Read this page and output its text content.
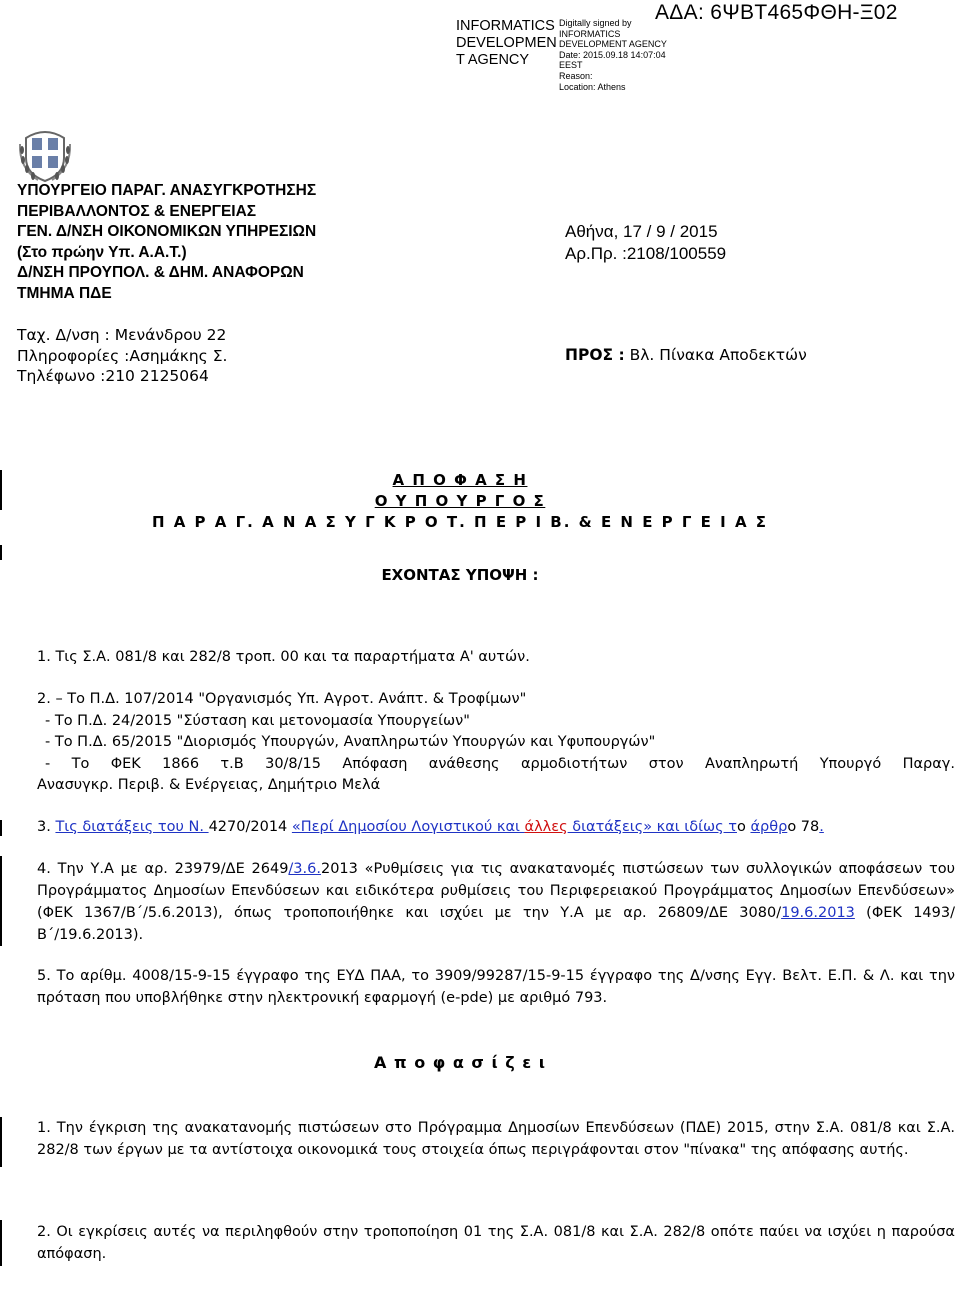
INFORMATICS
DEVELOPMEN
T AGENCY
Digitally signed by
INFORMATICS
DEVELOPMENT AGENCY
Date: 2015.09.18 14:07:04
EEST
Reason:
Location: Athens
ΑΔΑ: 6ΨΒΤ465ΦΘΗ-Ξ02
ΥΠΟΥΡΓΕΙΟ ΠΑΡΑΓ. ΑΝΑΣΥΓΚΡΟΤΗΣΗΣ
ΠΕΡΙΒΑΛΛΟΝΤΟΣ & ΕΝΕΡΓΕΙΑΣ
ΓΕΝ. Δ/ΝΣΗ ΟΙΚΟΝΟΜΙΚΩΝ ΥΠΗΡΕΣΙΩΝ
(Στο πρώην Υπ. Α.Α.Τ.)
Δ/ΝΣΗ ΠΡΟΥΠΟΛ. & ΔΗΜ. ΑΝΑΦΟΡΩΝ
ΤΜΗΜΑ ΠΔΕ
Αθήνα, 17 / 9 / 2015
Αρ.Πρ. :2108/100559
Ταχ. Δ/νση : Μενάνδρου 22
Πληροφορίες :Ασημάκης Σ.
Τηλέφωνο :210 2125064
ΠΡΟΣ : Βλ. Πίνακα Αποδεκτών
Α Π Ο Φ Α Σ Η
Ο Υ Π Ο Υ Ρ Γ Ο Σ
Π Α Ρ Α Γ. Α Ν Α Σ Υ Γ Κ Ρ Ο Τ. Π Ε Ρ Ι Β. & Ε Ν Ε Ρ Γ Ε Ι Α Σ
ΕΧΟΝΤΑΣ ΥΠΟΨΗ :
1. Τις Σ.Α. 081/8 και 282/8 τροπ. 00 και τα παραρτήματα Α' αυτών.
2. – Το Π.Δ. 107/2014 "Οργανισμός Υπ. Αγροτ. Ανάπτ. & Τροφίμων"
- Το Π.Δ. 24/2015 "Σύσταση και μετονομασία Υπουργείων"
- Το Π.Δ. 65/2015 "Διορισμός Υπουργών, Αναπληρωτών Υπουργών και Υφυπουργών"
- Το ΦΕΚ 1866 τ.Β 30/8/15 Απόφαση ανάθεσης αρμοδιοτήτων στον Αναπληρωτή Υπουργό Παραγ.
Ανασυγκρ. Περιβ. & Ενέργειας, Δημήτριο Μελά
3. Τις διατάξεις του Ν. 4270/2014 «Περί Δημοσίου Λογιστικού και άλλες διατάξεις» και ιδίως το άρθρο 78.
4. Την Υ.Α με αρ. 23979/ΔΕ 2649/3.6.2013 «Ρυθμίσεις για τις ανακατανομές πιστώσεων των συλλογικών αποφάσεων του Προγράμματος Δημοσίων Επενδύσεων και ειδικότερα ρυθμίσεις του Περιφερειακού Προγράμματος Δημοσίων Επενδύσεων» (ΦΕΚ 1367/Β΄/5.6.2013), όπως τροποποιήθηκε και ισχύει με την Υ.Α με αρ. 26809/ΔΕ 3080/19.6.2013 (ΦΕΚ 1493/Β΄/19.6.2013).
5. Το αρίθμ. 4008/15-9-15 έγγραφο της ΕΥΔ ΠΑΑ, το 3909/99287/15-9-15 έγγραφο της Δ/νσης Εγγ. Βελτ. Ε.Π. & Λ. και την πρόταση που υποβλήθηκε στην ηλεκτρονική εφαρμογή (e-pde) με αριθμό 793.
Α π ο φ α σ ί ζ ε ι
1. Την έγκριση της ανακατανομής πιστώσεων στο Πρόγραμμα Δημοσίων Επενδύσεων (ΠΔΕ) 2015, στην Σ.Α. 081/8 και Σ.Α. 282/8 των έργων με τα αντίστοιχα οικονομικά τους στοιχεία όπως περιγράφονται στον "πίνακα" της απόφασης αυτής.
2. Οι εγκρίσεις αυτές να περιληφθούν στην τροποποίηση 01 της Σ.Α. 081/8 και Σ.Α. 282/8 οπότε παύει να ισχύει η παρούσα απόφαση.
